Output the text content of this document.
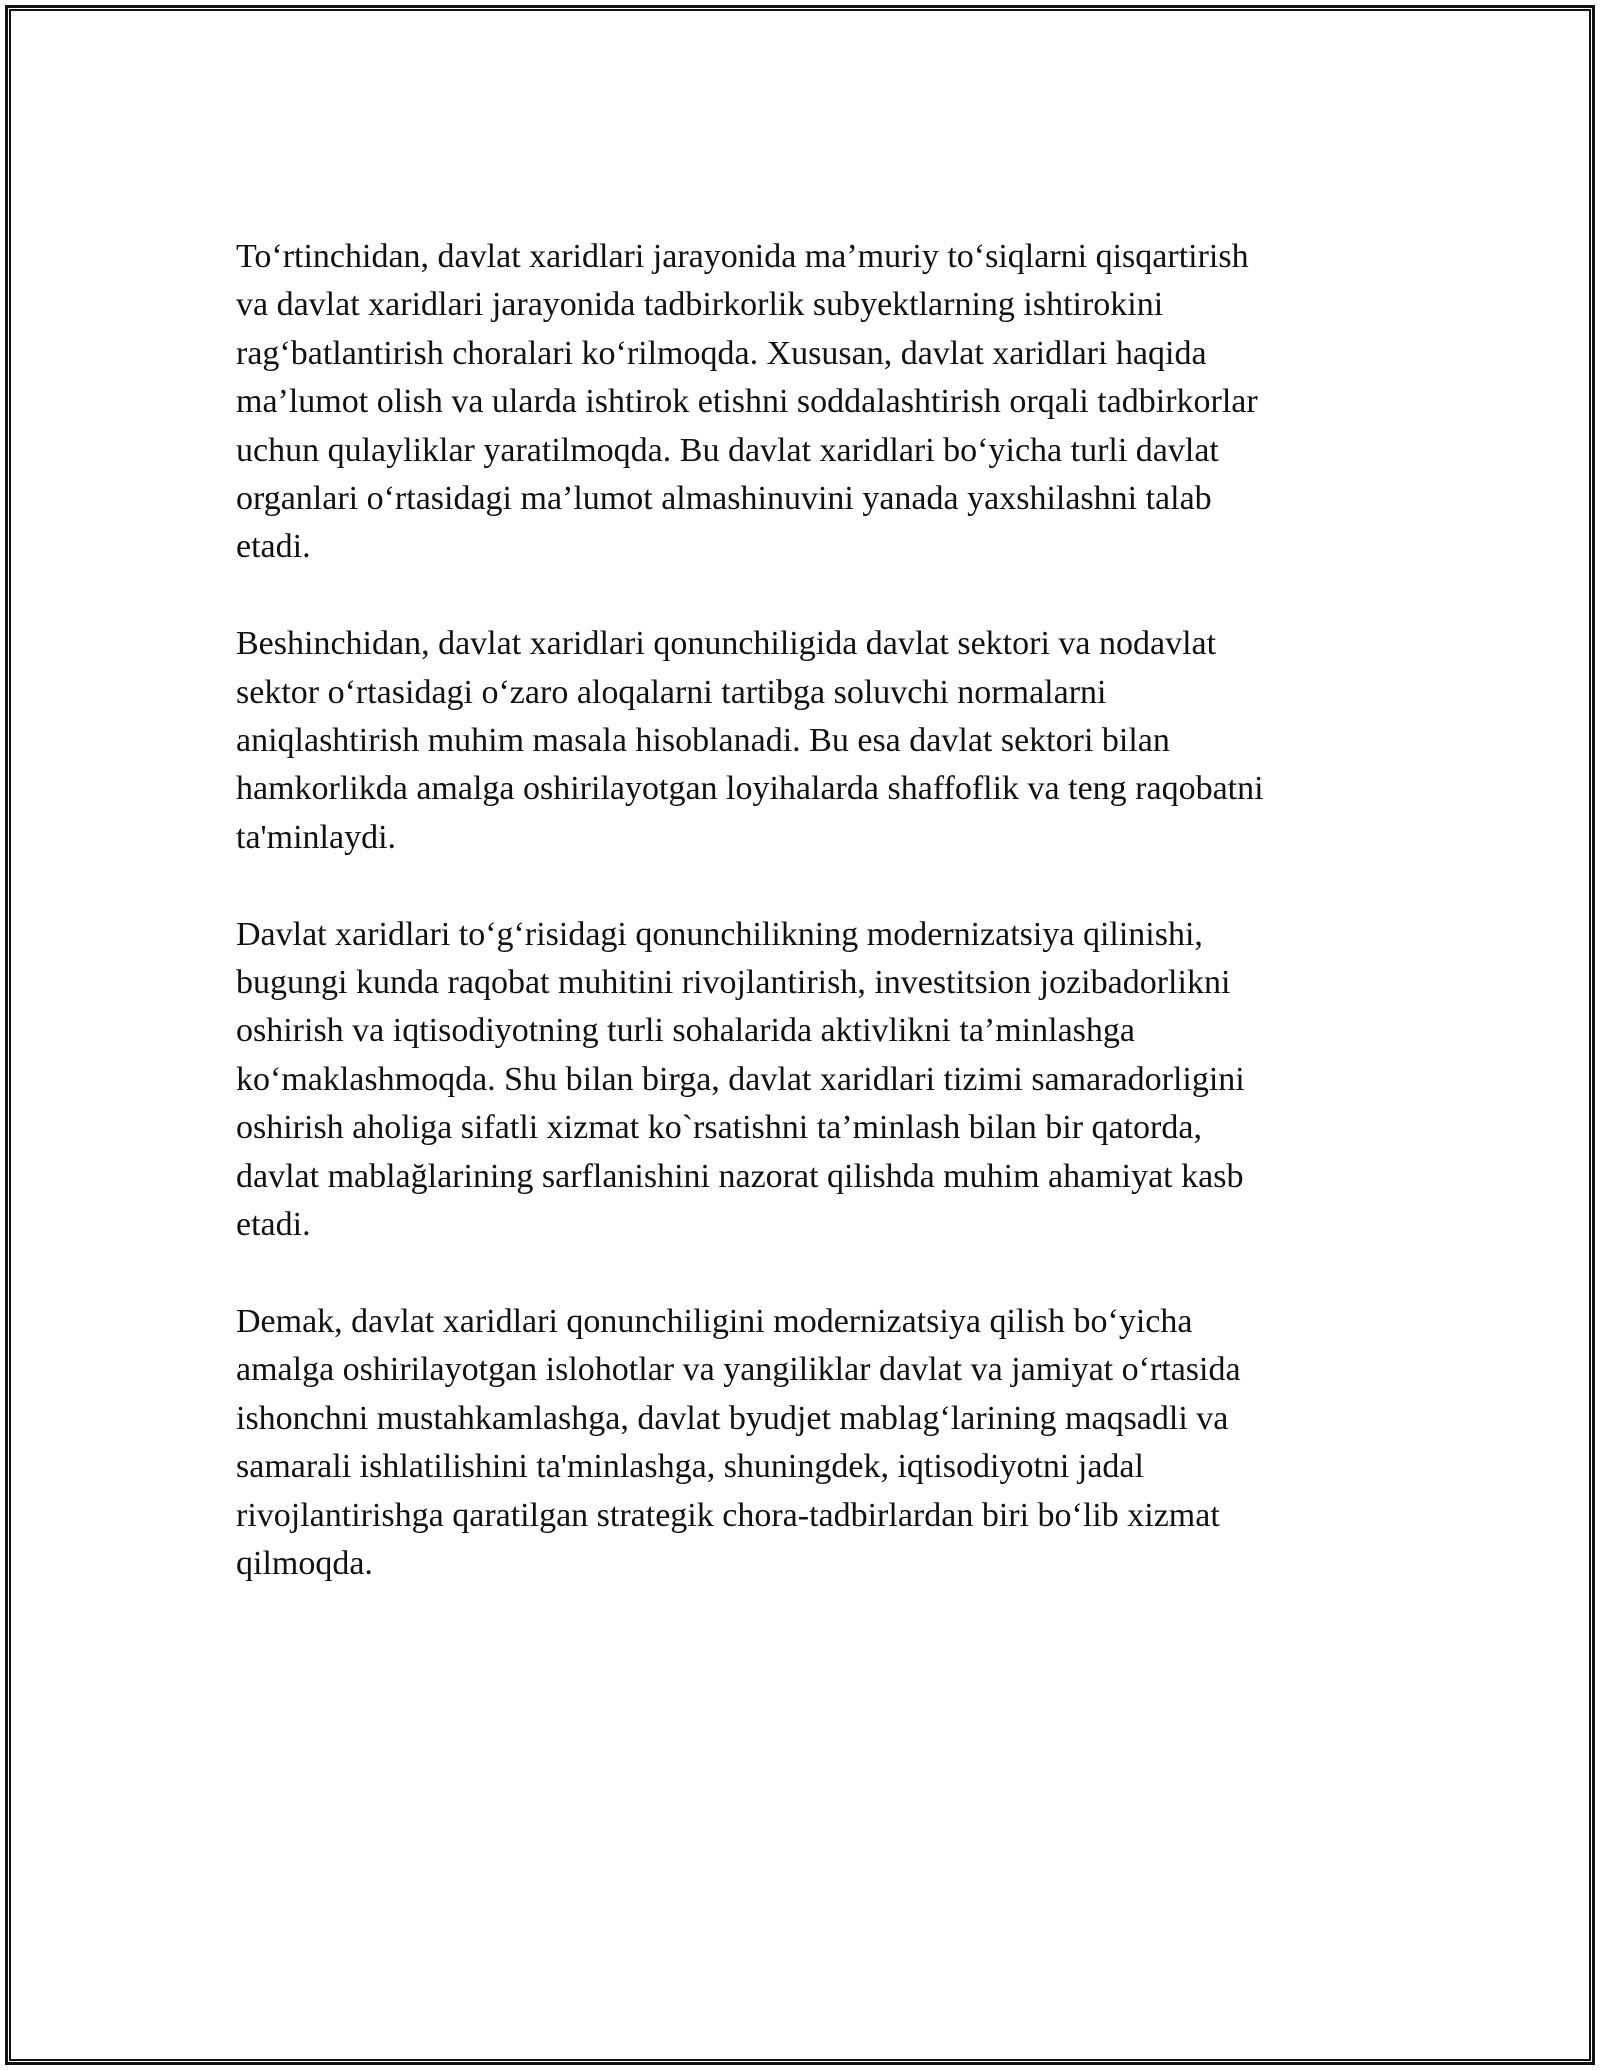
To‘rtinchidan, davlat xaridlari jarayonida ma’muriy to‘siqlarni qisqartirish
va davlat xaridlari jarayonida tadbirkorlik subyektlarning ishtirokini
rag‘batlantirish choralari ko‘rilmoqda. Xususan, davlat xaridlari haqida
ma’lumot olish va ularda ishtirok etishni soddalashtirish orqali tadbirkorlar
uchun qulayliklar yaratilmoqda. Bu davlat xaridlari bo‘yicha turli davlat
organlari o‘rtasidagi ma’lumot almashinuvini yanada yaxshilashni talab
etadi.

Beshinchidan, davlat xaridlari qonunchiligida davlat sektori va nodavlat
sektor o‘rtasidagi o‘zaro aloqalarni tartibga soluvchi normalarni
aniqlashtirish muhim masala hisoblanadi. Bu esa davlat sektori bilan
hamkorlikda amalga oshirilayotgan loyihalarda shaffoflik va teng raqobatni
ta'minlaydi.

Davlat xaridlari to‘g‘risidagi qonunchilikning modernizatsiya qilinishi,
bugungi kunda raqobat muhitini rivojlantirish, investitsion jozibadorlikni
oshirish va iqtisodiyotning turli sohalarida aktivlikni ta’minlashga
ko‘maklashmoqda. Shu bilan birga, davlat xaridlari tizimi samaradorligini
oshirish aholiga sifatli xizmat ko`rsatishni ta’minlash bilan bir qatorda,
davlat mablağlarining sarflanishini nazorat qilishda muhim ahamiyat kasb
etadi.

Demak, davlat xaridlari qonunchiligini modernizatsiya qilish bo‘yicha
amalga oshirilayotgan islohotlar va yangiliklar davlat va jamiyat o‘rtasida
ishonchni mustahkamlashga, davlat byudjet mablag‘larining maqsadli va
samarali ishlatilishini ta'minlashga, shuningdek, iqtisodiyotni jadal
rivojlantirishga qaratilgan strategik chora-tadbirlardan biri bo‘lib xizmat
qilmoqda.
